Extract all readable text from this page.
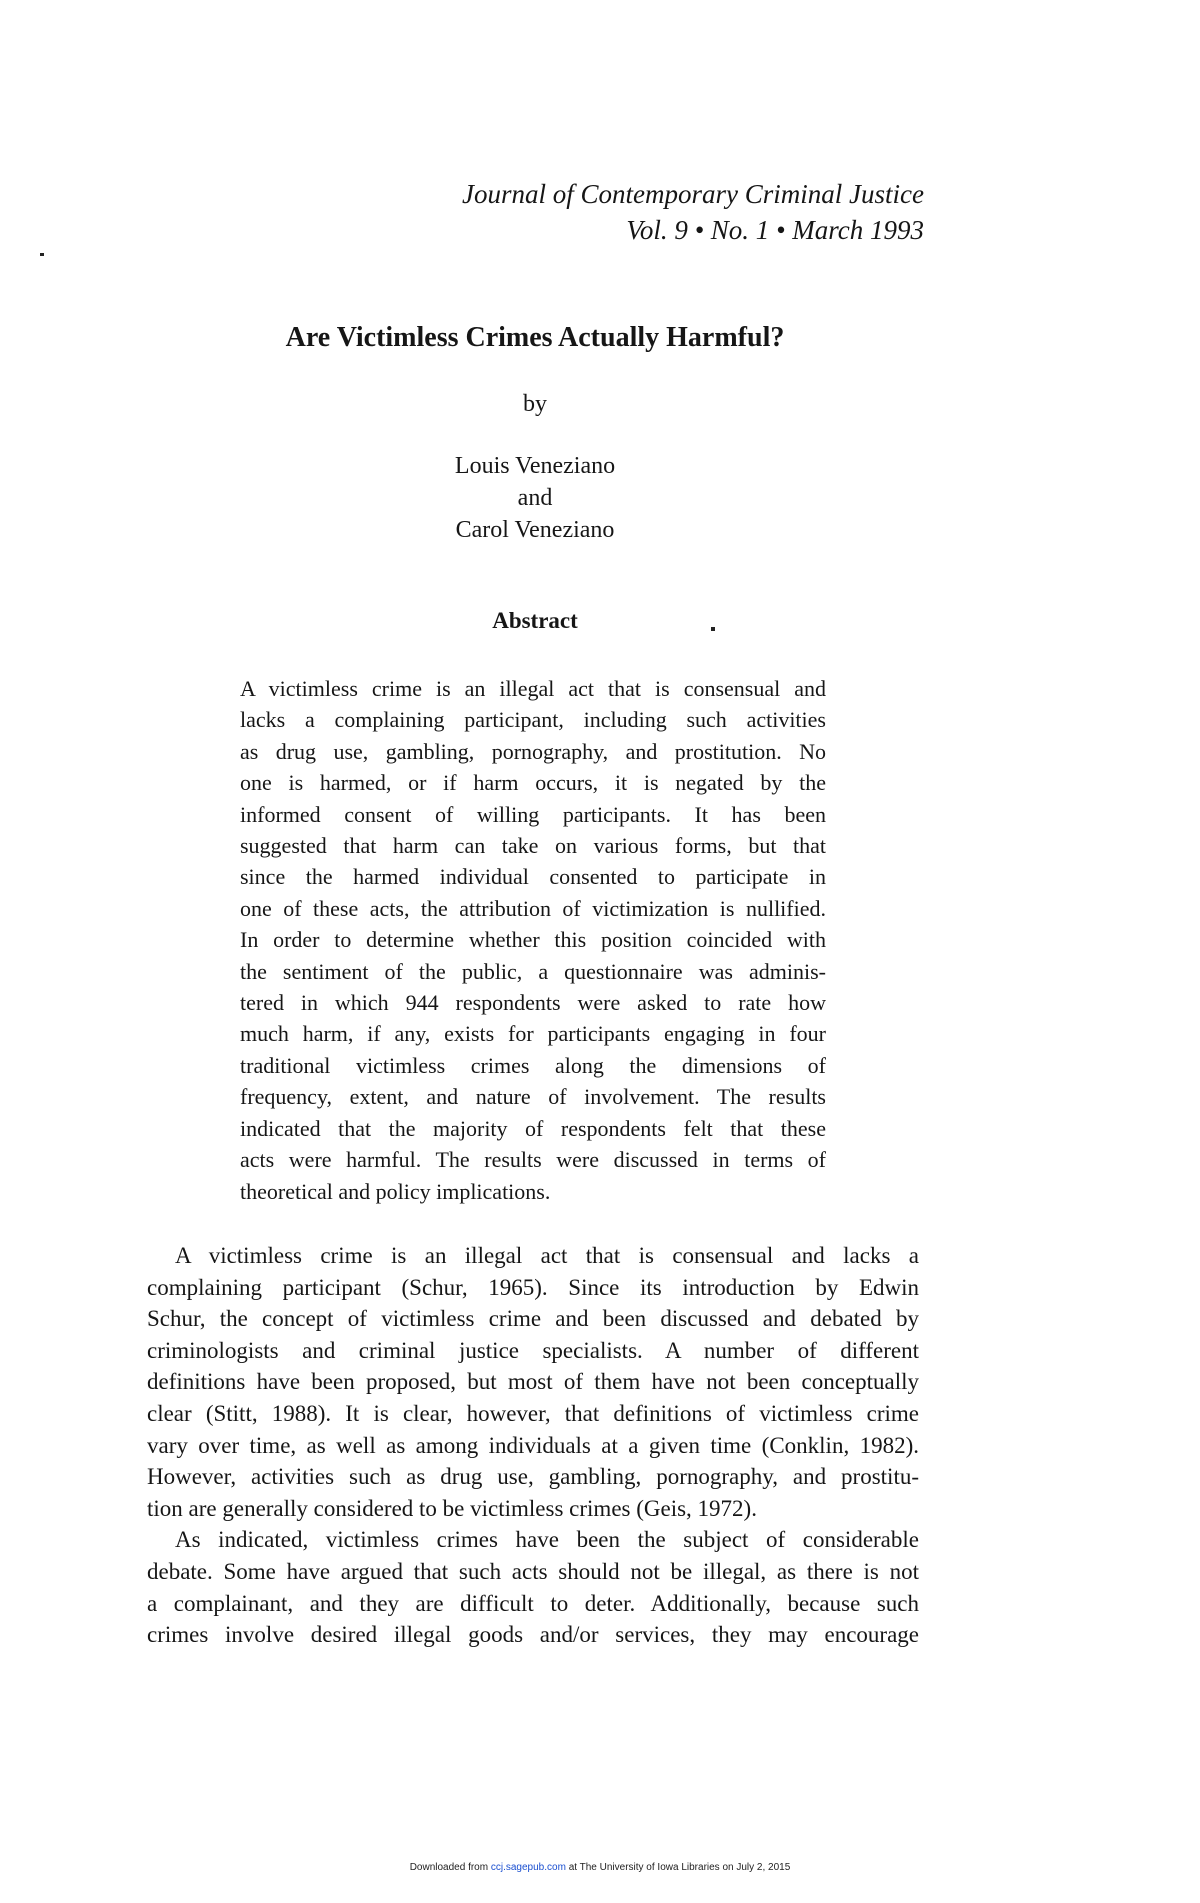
Journal of Contemporary Criminal Justice
Vol. 9 • No. 1 • March 1993
Are Victimless Crimes Actually Harmful?
by
Louis Veneziano
and
Carol Veneziano
Abstract
A victimless crime is an illegal act that is consensual and
lacks a complaining participant, including such activities
as drug use, gambling, pornography, and prostitution. No
one is harmed, or if harm occurs, it is negated by the
informed consent of willing participants. It has been
suggested that harm can take on various forms, but that
since the harmed individual consented to participate in
one of these acts, the attribution of victimization is nullified.
In order to determine whether this position coincided with
the sentiment of the public, a questionnaire was adminis-
tered in which 944 respondents were asked to rate how
much harm, if any, exists for participants engaging in four
traditional victimless crimes along the dimensions of
frequency, extent, and nature of involvement. The results
indicated that the majority of respondents felt that these
acts were harmful. The results were discussed in terms of
theoretical and policy implications.
A victimless crime is an illegal act that is consensual and lacks a
complaining participant (Schur, 1965). Since its introduction by Edwin
Schur, the concept of victimless crime and been discussed and debated by
criminologists and criminal justice specialists. A number of different
definitions have been proposed, but most of them have not been conceptually
clear (Stitt, 1988). It is clear, however, that definitions of victimless crime
vary over time, as well as among individuals at a given time (Conklin, 1982).
However, activities such as drug use, gambling, pornography, and prostitu-
tion are generally considered to be victimless crimes (Geis, 1972).
As indicated, victimless crimes have been the subject of considerable
debate. Some have argued that such acts should not be illegal, as there is not
a complainant, and they are difficult to deter. Additionally, because such
crimes involve desired illegal goods and/or services, they may encourage
Downloaded from ccj.sagepub.com at The University of Iowa Libraries on July 2, 2015
